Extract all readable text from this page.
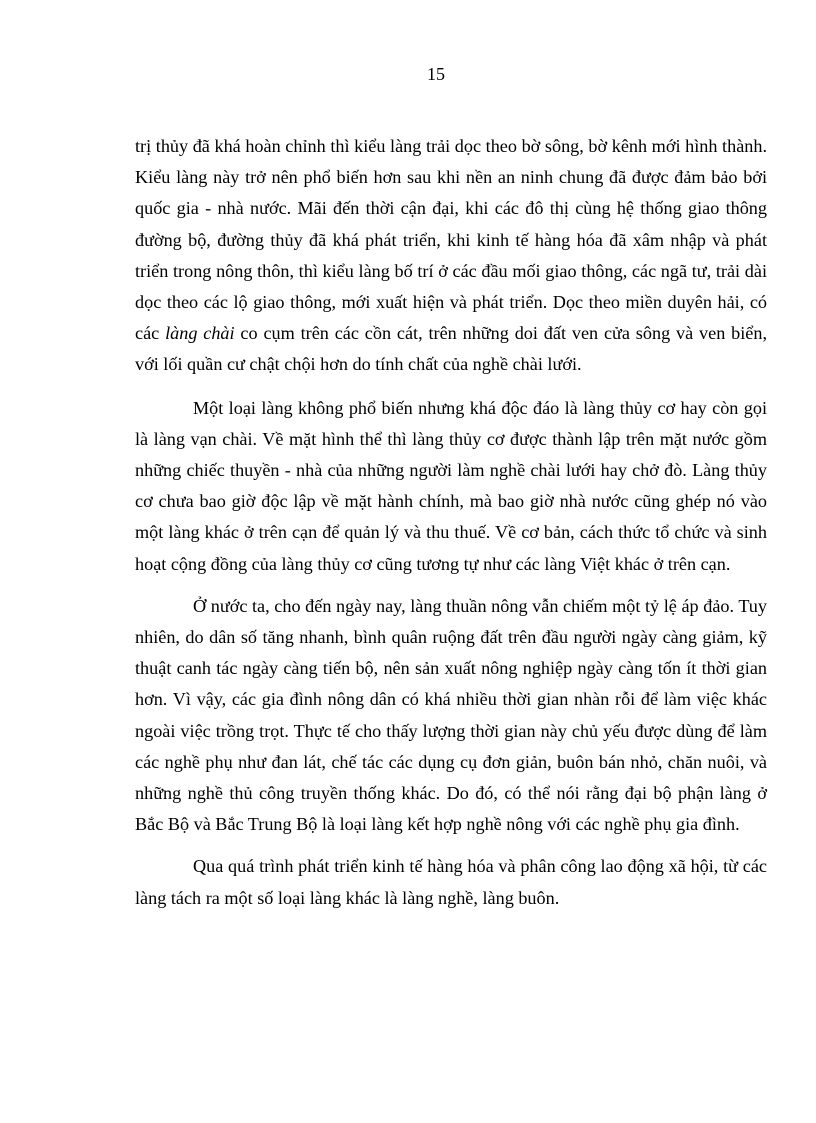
15

trị thủy đã khá hoàn chỉnh thì kiểu làng trải dọc theo bờ sông, bờ kênh mới hình thành. Kiểu làng này trở nên phổ biến hơn sau khi nền an ninh chung đã được đảm bảo bởi quốc gia - nhà nước. Mãi đến thời cận đại, khi các đô thị cùng hệ thống giao thông đường bộ, đường thủy đã khá phát triển, khi kinh tế hàng hóa đã xâm nhập và phát triển trong nông thôn, thì kiểu làng bố trí ở các đầu mối giao thông, các ngã tư, trải dài dọc theo các lộ giao thông, mới xuất hiện và phát triển. Dọc theo miền duyên hải, có các làng chài co cụm trên các cồn cát, trên những doi đất ven cửa sông và ven biển, với lối quần cư chật chội hơn do tính chất của nghề chài lưới.

Một loại làng không phổ biến nhưng khá độc đáo là làng thủy cơ hay còn gọi là làng vạn chài. Về mặt hình thể thì làng thủy cơ được thành lập trên mặt nước gồm những chiếc thuyền - nhà của những người làm nghề chài lưới hay chở đò. Làng thủy cơ chưa bao giờ độc lập về mặt hành chính, mà bao giờ nhà nước cũng ghép nó vào một làng khác ở trên cạn để quản lý và thu thuế. Về cơ bản, cách thức tổ chức và sinh hoạt cộng đồng của làng thủy cơ cũng tương tự như các làng Việt khác ở trên cạn.

Ở nước ta, cho đến ngày nay, làng thuần nông vẫn chiếm một tỷ lệ áp đảo. Tuy nhiên, do dân số tăng nhanh, bình quân ruộng đất trên đầu người ngày càng giảm, kỹ thuật canh tác ngày càng tiến bộ, nên sản xuất nông nghiệp ngày càng tốn ít thời gian hơn. Vì vậy, các gia đình nông dân có khá nhiều thời gian nhàn rỗi để làm việc khác ngoài việc trồng trọt. Thực tế cho thấy lượng thời gian này chủ yếu được dùng để làm các nghề phụ như đan lát, chế tác các dụng cụ đơn giản, buôn bán nhỏ, chăn nuôi, và những nghề thủ công truyền thống khác. Do đó, có thể nói rằng đại bộ phận làng ở Bắc Bộ và Bắc Trung Bộ là loại làng kết hợp nghề nông với các nghề phụ gia đình.

Qua quá trình phát triển kinh tế hàng hóa và phân công lao động xã hội, từ các làng tách ra một số loại làng khác là làng nghề, làng buôn.
